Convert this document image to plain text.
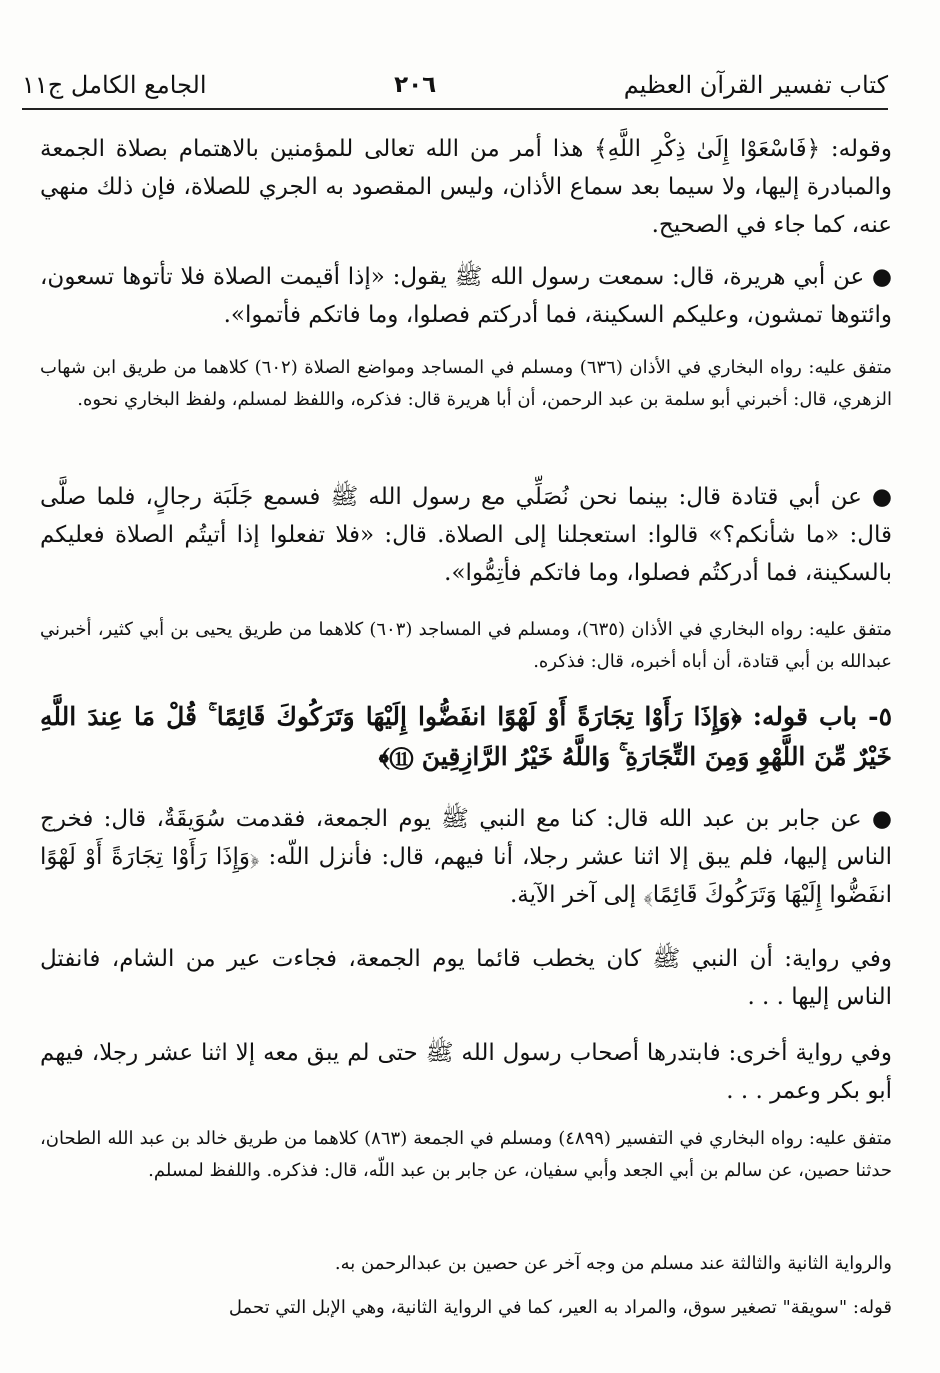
كتاب تفسير القرآن العظيم
٢٠٦
الجامع الكامل ج١١

وقوله: ﴿فَاسْعَوْا إِلَىٰ ذِكْرِ اللَّهِ﴾ هذا أمر من الله تعالى للمؤمنين بالاهتمام بصلاة الجمعة والمبادرة إليها، ولا سيما بعد سماع الأذان، وليس المقصود به الجري للصلاة، فإن ذلك منهي عنه، كما جاء في الصحيح.

● عن أبي هريرة، قال: سمعت رسول الله ﷺ يقول: «إذا أقيمت الصلاة فلا تأتوها تسعون، وائتوها تمشون، وعليكم السكينة، فما أدركتم فصلوا، وما فاتكم فأتموا».

متفق عليه: رواه البخاري في الأذان (٦٣٦) ومسلم في المساجد ومواضع الصلاة (٦٠٢) كلاهما من طريق ابن شهاب الزهري، قال: أخبرني أبو سلمة بن عبد الرحمن، أن أبا هريرة قال: فذكره، واللفظ لمسلم، ولفظ البخاري نحوه.

● عن أبي قتادة قال: بينما نحن نُصَلِّي مع رسول الله ﷺ فسمع جَلَبَة رجالٍ، فلما صلَّى قال: «ما شأنكم؟» قالوا: استعجلنا إلى الصلاة. قال: «فلا تفعلوا إذا أتيتُم الصلاة فعليكم بالسكينة، فما أدركتُم فصلوا، وما فاتكم فأتِمُّوا».

متفق عليه: رواه البخاري في الأذان (٦٣٥)، ومسلم في المساجد (٦٠٣) كلاهما من طريق يحيى بن أبي كثير، أخبرني عبدالله بن أبي قتادة، أن أباه أخبره، قال: فذكره.

٥- باب قوله: ﴿وَإِذَا رَأَوْا تِجَارَةً أَوْ لَهْوًا انفَضُّوا إِلَيْهَا وَتَرَكُوكَ قَائِمًا ۚ قُلْ مَا عِندَ اللَّهِ خَيْرٌ مِّنَ اللَّهْوِ وَمِنَ التِّجَارَةِ ۚ وَاللَّهُ خَيْرُ الرَّازِقِينَ ⑪﴾

● عن جابر بن عبد الله قال: كنا مع النبي ﷺ يوم الجمعة، فقدمت سُوَيقَةٌ، قال: فخرج الناس إليها، فلم يبق إلا اثنا عشر رجلا، أنا فيهم، قال: فأنزل اللّه: ﴿وَإِذَا رَأَوْا تِجَارَةً أَوْ لَهْوًا انفَضُّوا إِلَيْهَا وَتَرَكُوكَ قَائِمًا﴾ إلى آخر الآية.

وفي رواية: أن النبي ﷺ كان يخطب قائما يوم الجمعة، فجاءت عير من الشام، فانفتل الناس إليها . . .

وفي رواية أخرى: فابتدرها أصحاب رسول الله ﷺ حتى لم يبق معه إلا اثنا عشر رجلا، فيهم أبو بكر وعمر . . .

متفق عليه: رواه البخاري في التفسير (٤٨٩٩) ومسلم في الجمعة (٨٦٣) كلاهما من طريق خالد بن عبد الله الطحان، حدثنا حصين، عن سالم بن أبي الجعد وأبي سفيان، عن جابر بن عبد اللّه، قال: فذكره. واللفظ لمسلم.

والرواية الثانية والثالثة عند مسلم من وجه آخر عن حصين بن عبدالرحمن به.

قوله: "سويقة" تصغير سوق، والمراد به العير، كما في الرواية الثانية، وهي الإبل التي تحمل
